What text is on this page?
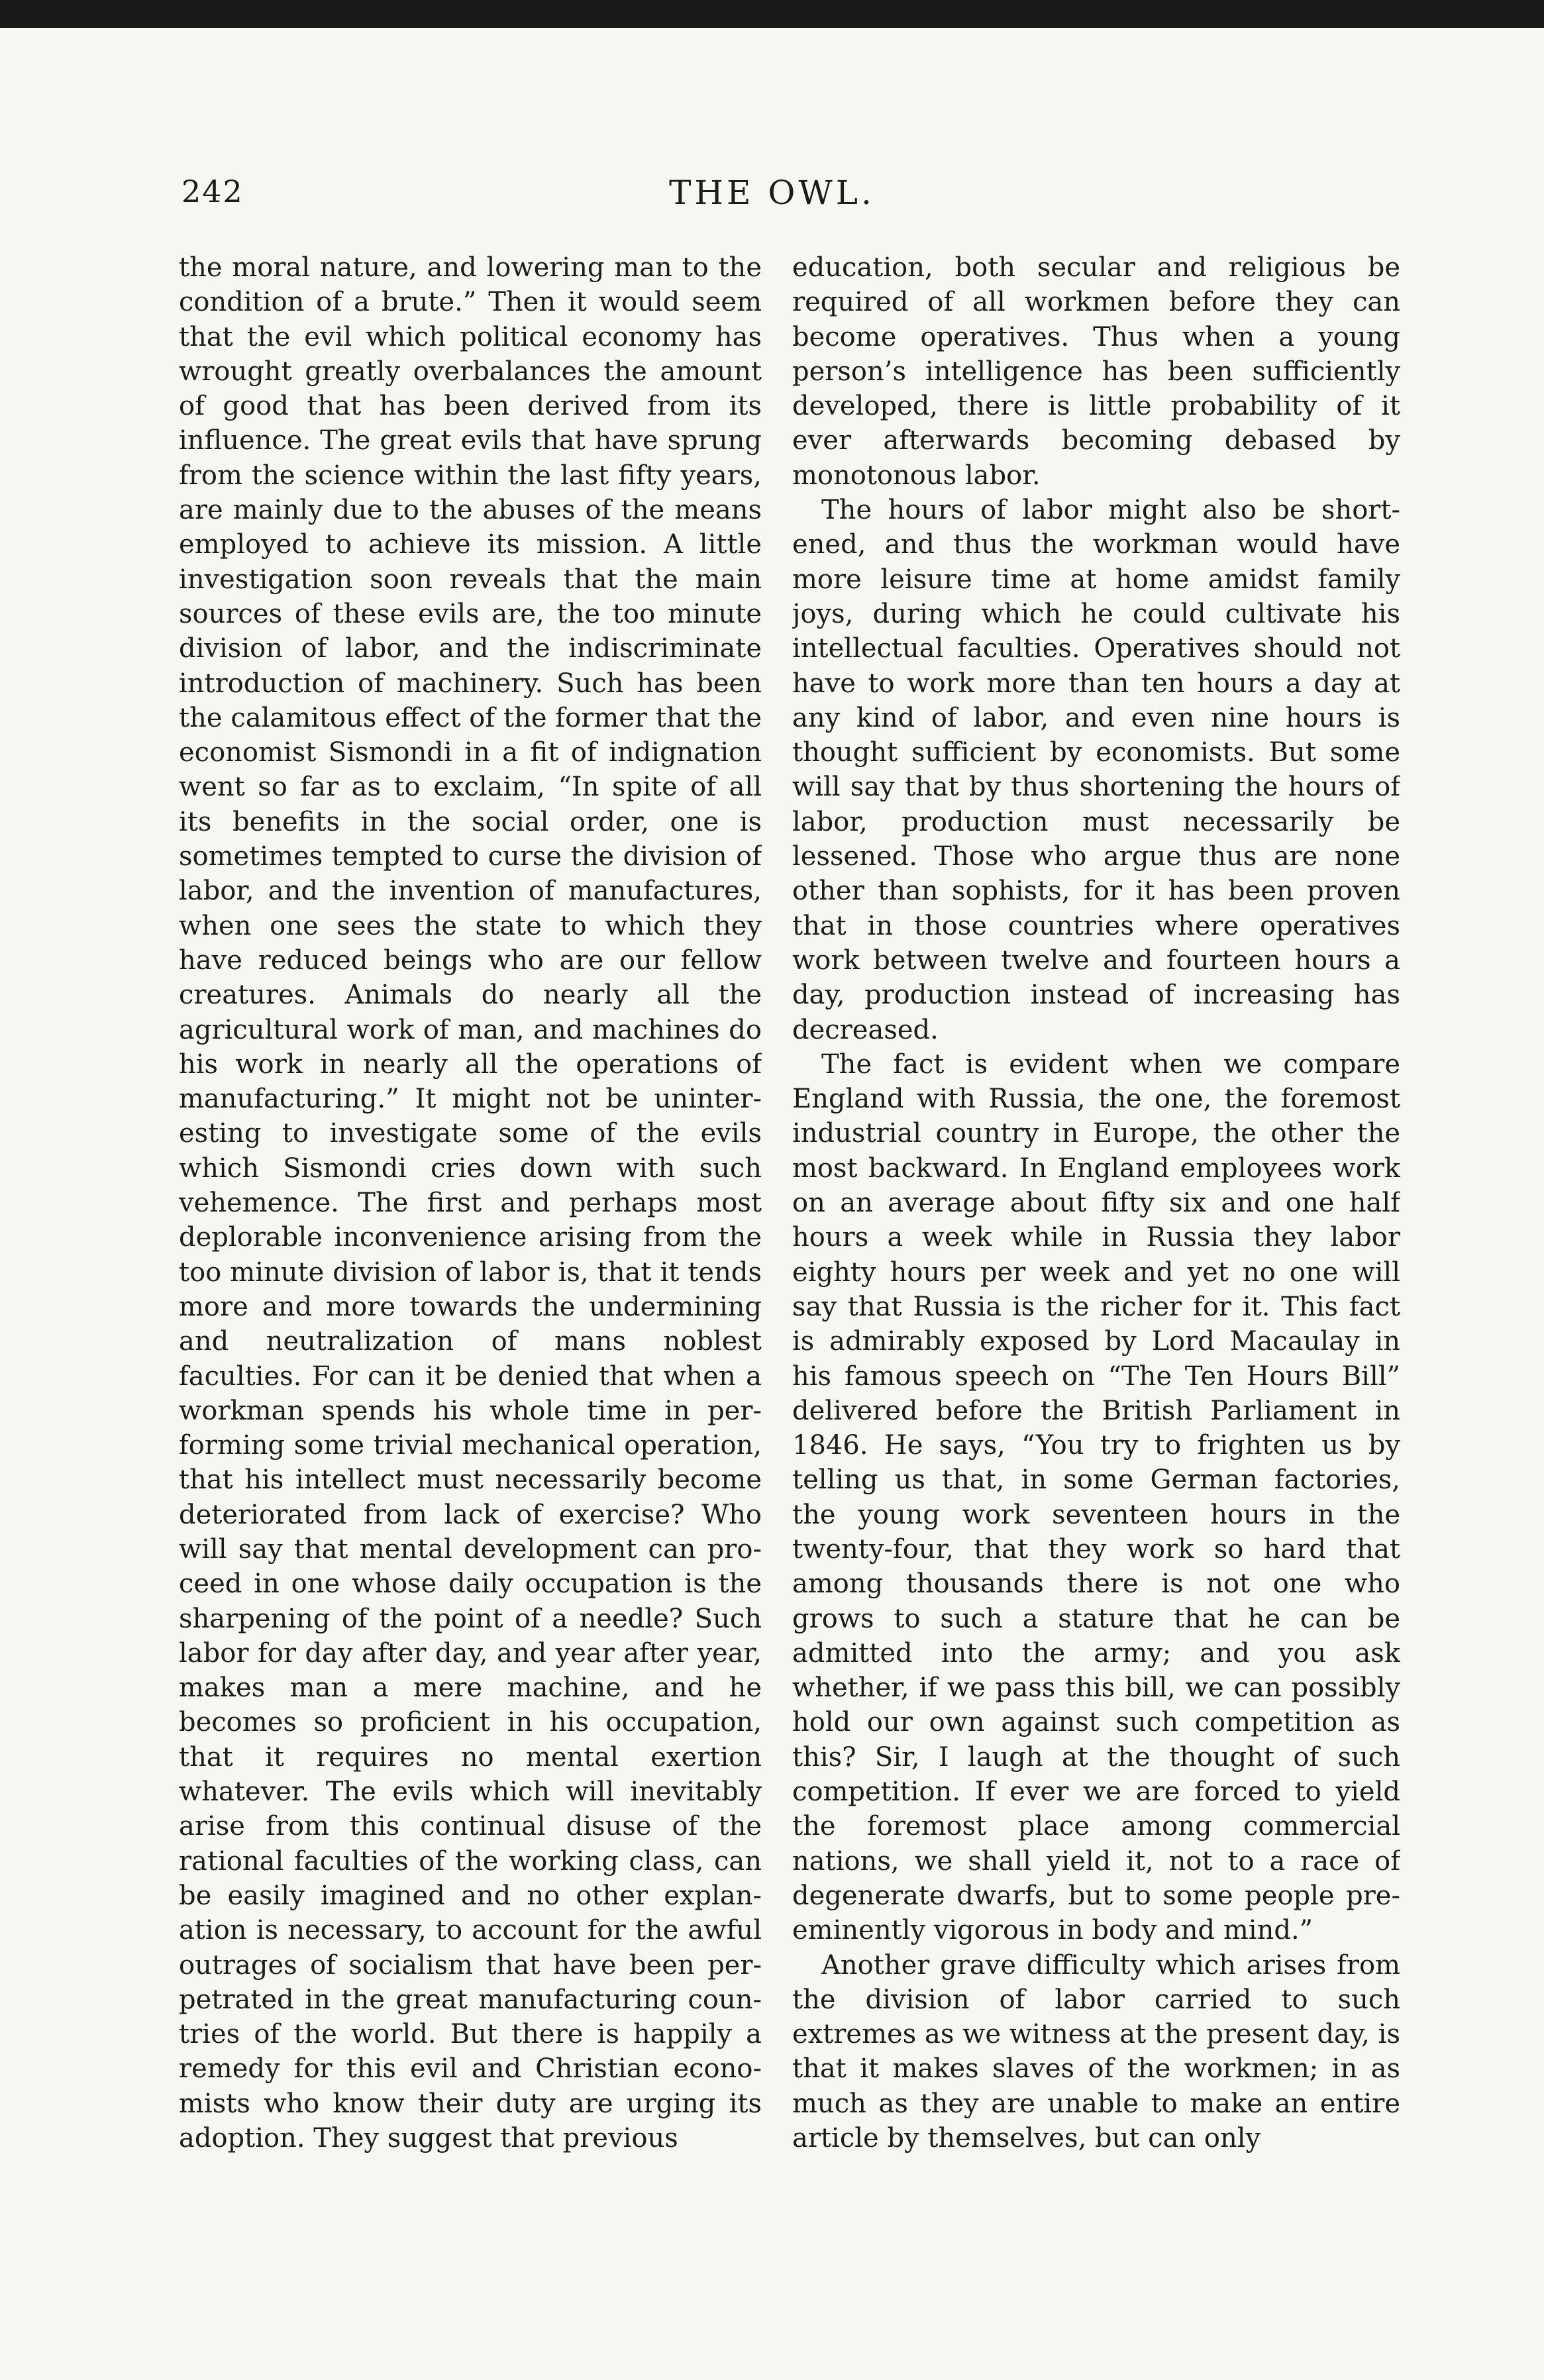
242	THE OWL.

the moral nature, and lowering man to the condition of a brute.” Then it would seem that the evil which political economy has wrought greatly overbalances the amount of good that has been derived from its influence. The great evils that have sprung from the science within the last fifty years, are mainly due to the abuses of the means employed to achieve its mission. A little investigation soon reveals that the main sources of these evils are, the too minute division of labor, and the indiscriminate introduction of machinery. Such has been the calamitous effect of the former that the economist Sismondi in a fit of indignation went so far as to exclaim, “In spite of all its benefits in the social order, one is sometimes tempted to curse the division of labor, and the invention of manufactures, when one sees the state to which they have reduced beings who are our fellow creatures. Animals do nearly all the agricultural work of man, and machines do his work in nearly all the operations of manufacturing.” It might not be uninteresting to investigate some of the evils which Sismondi cries down with such vehemence. The first and perhaps most deplorable inconvenience arising from the too minute division of labor is, that it tends more and more towards the undermining and neutralization of mans noblest faculties. For can it be denied that when a workman spends his whole time in performing some trivial mechanical operation, that his intellect must necessarily become deteriorated from lack of exercise? Who will say that mental development can proceed in one whose daily occupation is the sharpening of the point of a needle? Such labor for day after day, and year after year, makes man a mere machine, and he becomes so proficient in his occupation, that it requires no mental exertion whatever. The evils which will inevitably arise from this continual disuse of the rational faculties of the working class, can be easily imagined and no other explanation is necessary, to account for the awful outrages of socialism that have been perpetrated in the great manufacturing countries of the world. But there is happily a remedy for this evil and Christian economists who know their duty are urging its adoption. They suggest that previous

education, both secular and religious be required of all workmen before they can become operatives. Thus when a young person’s intelligence has been sufficiently developed, there is little probability of it ever afterwards becoming debased by monotonous labor.

The hours of labor might also be shortened, and thus the workman would have more leisure time at home amidst family joys, during which he could cultivate his intellectual faculties. Operatives should not have to work more than ten hours a day at any kind of labor, and even nine hours is thought sufficient by economists. But some will say that by thus shortening the hours of labor, production must necessarily be lessened. Those who argue thus are none other than sophists, for it has been proven that in those countries where operatives work between twelve and fourteen hours a day, production instead of increasing has decreased.

The fact is evident when we compare England with Russia, the one, the foremost industrial country in Europe, the other the most backward. In England employees work on an average about fifty six and one half hours a week while in Russia they labor eighty hours per week and yet no one will say that Russia is the richer for it. This fact is admirably exposed by Lord Macaulay in his famous speech on “The Ten Hours Bill” delivered before the British Parliament in 1846. He says, “You try to frighten us by telling us that, in some German factories, the young work seventeen hours in the twenty-four, that they work so hard that among thousands there is not one who grows to such a stature that he can be admitted into the army; and you ask whether, if we pass this bill, we can possibly hold our own against such competition as this? Sir, I laugh at the thought of such competition. If ever we are forced to yield the foremost place among commercial nations, we shall yield it, not to a race of degenerate dwarfs, but to some people pre-eminently vigorous in body and mind.”

Another grave difficulty which arises from the division of labor carried to such extremes as we witness at the present day, is that it makes slaves of the workmen; in as much as they are unable to make an entire article by themselves, but can only
